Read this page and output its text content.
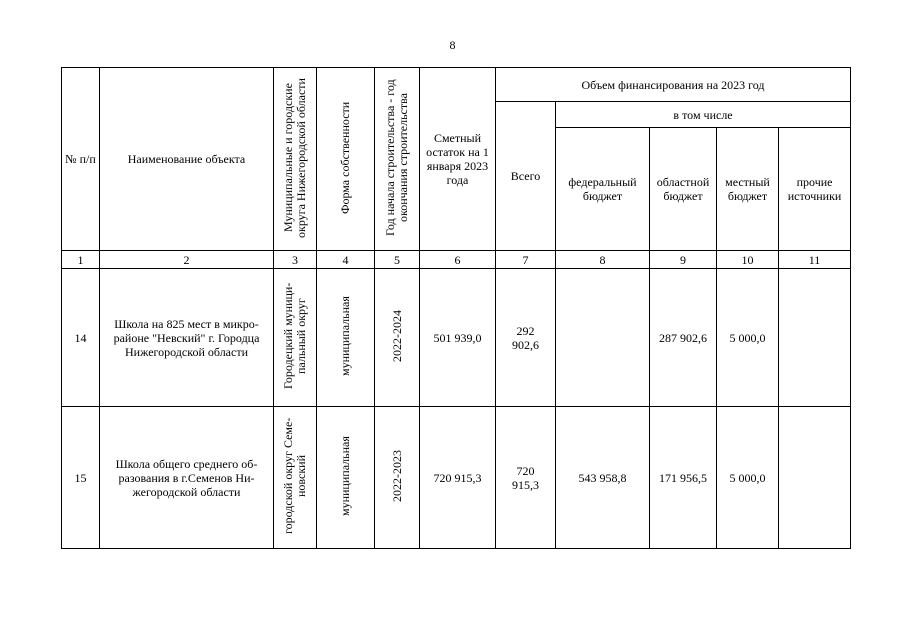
8
№ п/п	Наименование объекта	Муниципальные и городские округа Нижегородской области	Форма собственности	Год начала строительства - год окончания строительства	Сметный остаток на 1 января 2023 года	Объем финансирования на 2023 год				
						Всего	в том числе			
							федеральный бюджет	областной бюджет	местный бюджет	прочие источники
1	2	3	4	5	6	7	8	9	10	11
14	Школа на 825 мест в микро-районе "Невский" г. Городца Нижегородской области	Городецкий муници-пальный округ	муниципальная	2022-2024	501 939,0	292 902,6		287 902,6	5 000,0	
15	Школа общего среднего об-разования в г.Семенов Ни-жегородской области	городской округ Семе-новский	муниципальная	2022-2023	720 915,3	720 915,3	543 958,8	171 956,5	5 000,0	
